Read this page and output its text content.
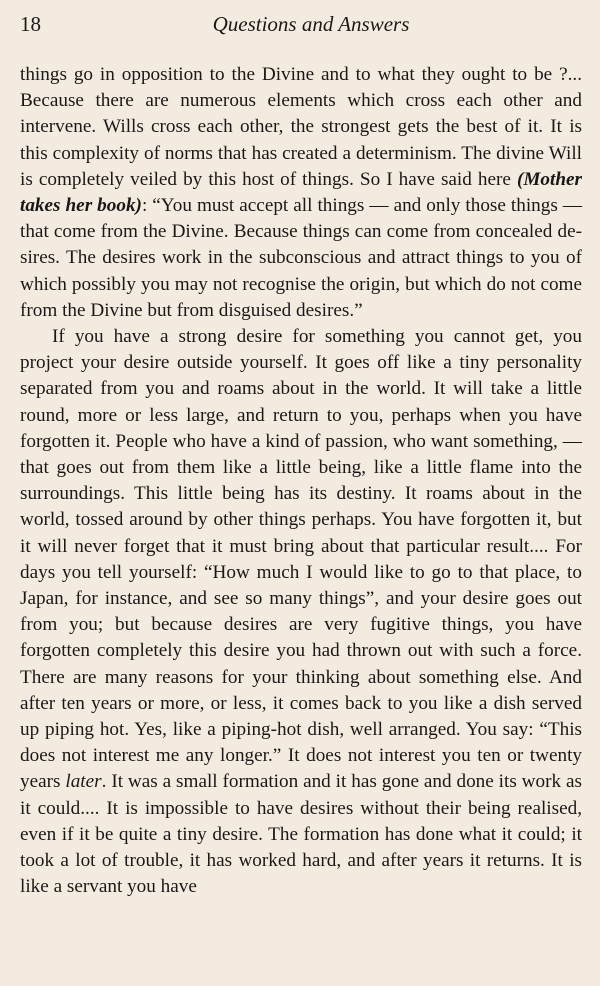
18	Questions and Answers

things go in opposition to the Divine and to what they ought to be ?... Because there are numerous elements which cross each other and intervene. Wills cross each other, the strongest gets the best of it. It is this complexity of norms that has created a determinism. The divine Will is completely veiled by this host of things. So I have said here (Mother takes her book): “You must accept all things — and only those things — that come from the Divine. Because things can come from concealed desires. The desires work in the subconscious and attract things to you of which possibly you may not recognise the origin, but which do not come from the Divine but from disguised desires.”

If you have a strong desire for something you cannot get, you project your desire outside yourself. It goes off like a tiny personality separated from you and roams about in the world. It will take a little round, more or less large, and return to you, perhaps when you have forgotten it. People who have a kind of passion, who want something, — that goes out from them like a little being, like a little flame into the surroundings. This little being has its destiny. It roams about in the world, tossed around by other things perhaps. You have forgotten it, but it will never forget that it must bring about that particular result.... For days you tell yourself: “How much I would like to go to that place, to Japan, for instance, and see so many things”, and your desire goes out from you; but because desires are very fugitive things, you have forgotten completely this desire you had thrown out with such a force. There are many reasons for your thinking about something else. And after ten years or more, or less, it comes back to you like a dish served up piping hot. Yes, like a piping-hot dish, well arranged. You say: “This does not interest me any longer.” It does not interest you ten or twenty years later. It was a small formation and it has gone and done its work as it could.... It is impossible to have desires without their being realised, even if it be quite a tiny desire. The formation has done what it could; it took a lot of trouble, it has worked hard, and after years it returns. It is like a servant you have
